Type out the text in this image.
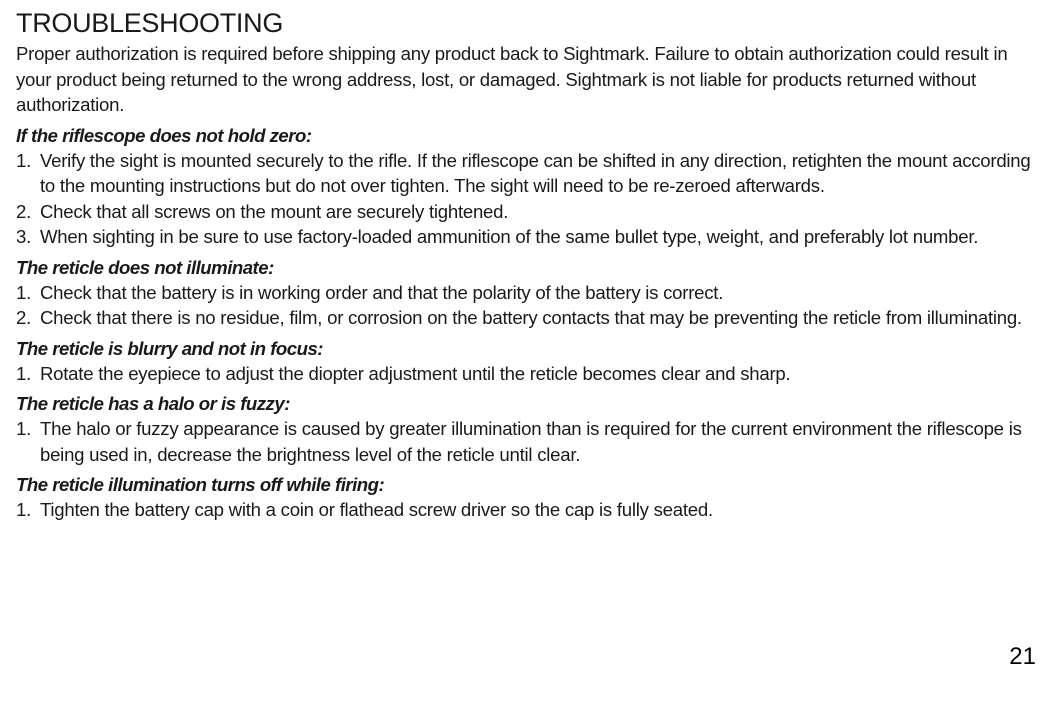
TROUBLESHOOTING

Proper authorization is required before shipping any product back to Sightmark. Failure to obtain authorization could result in your product being returned to the wrong address, lost, or damaged. Sightmark is not liable for products returned without authorization.

If the riflescope does not hold zero:

1. Verify the sight is mounted securely to the rifle. If the riflescope can be shifted in any direction, retighten the mount according to the mounting instructions but do not over tighten. The sight will need to be re-zeroed afterwards.
2. Check that all screws on the mount are securely tightened.
3. When sighting in be sure to use factory-loaded ammunition of the same bullet type, weight, and preferably lot number.

The reticle does not illuminate:

1. Check that the battery is in working order and that the polarity of the battery is correct.
2. Check that there is no residue, film, or corrosion on the battery contacts that may be preventing the reticle from illuminating.

The reticle is blurry and not in focus:

1. Rotate the eyepiece to adjust the diopter adjustment until the reticle becomes clear and sharp.

The reticle has a halo or is fuzzy:

1. The halo or fuzzy appearance is caused by greater illumination than is required for the current environment the riflescope is being used in, decrease the brightness level of the reticle until clear.

The reticle illumination turns off while firing:

1. Tighten the battery cap with a coin or flathead screw driver so the cap is fully seated.
21
